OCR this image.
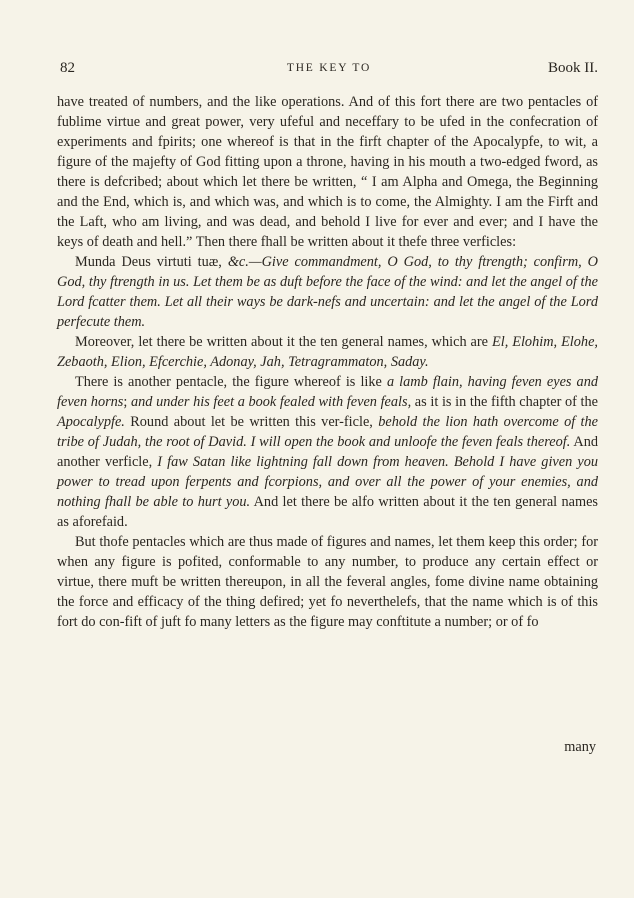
82	THE KEY TO	Book II.

have treated of numbers, and the like operations. And of this fort there are two pentacles of fublime virtue and great power, very ufeful and neceffary to be ufed in the confecration of experiments and fpirits; one whereof is that in the firft chapter of the Apocalypfe, to wit, a figure of the majefty of God fitting upon a throne, having in his mouth a two-edged fword, as there is defcribed; about which let there be written, “ I am Alpha and Omega, the Beginning and the End, which is, and which was, and which is to come, the Almighty. I am the Firft and the Laft, who am living, and was dead, and behold I live for ever and ever; and I have the keys of death and hell.” Then there fhall be written about it thefe three verficles:

Munda Deus virtuti tuæ, &c.—Give commandment, O God, to thy ftrength; confirm, O God, thy ftrength in us. Let them be as duft before the face of the wind: and let the angel of the Lord fcatter them. Let all their ways be dark-nefs and uncertain: and let the angel of the Lord perfecute them.

Moreover, let there be written about it the ten general names, which are El, Elohim, Elohe, Zebaoth, Elion, Efcerchie, Adonay, Jah, Tetragrammaton, Saday.

There is another pentacle, the figure whereof is like a lamb flain, having feven eyes and feven horns; and under his feet a book fealed with feven feals, as it is in the fifth chapter of the Apocalypfe. Round about let be written this ver-ficle, behold the lion hath overcome of the tribe of Judah, the root of David. I will open the book and unloofe the feven feals thereof. And another verficle, I faw Satan like lightning fall down from heaven. Behold I have given you power to tread upon ferpents and fcorpions, and over all the power of your enemies, and nothing fhall be able to hurt you. And let there be alfo written about it the ten general names as aforefaid.

But thofe pentacles which are thus made of figures and names, let them keep this order; for when any figure is pofited, conformable to any number, to produce any certain effect or virtue, there muft be written thereupon, in all the feveral angles, fome divine name obtaining the force and efficacy of the thing defired; yet fo neverthelefs, that the name which is of this fort do con-fift of juft fo many letters as the figure may conftitute a number; or of fo

many
